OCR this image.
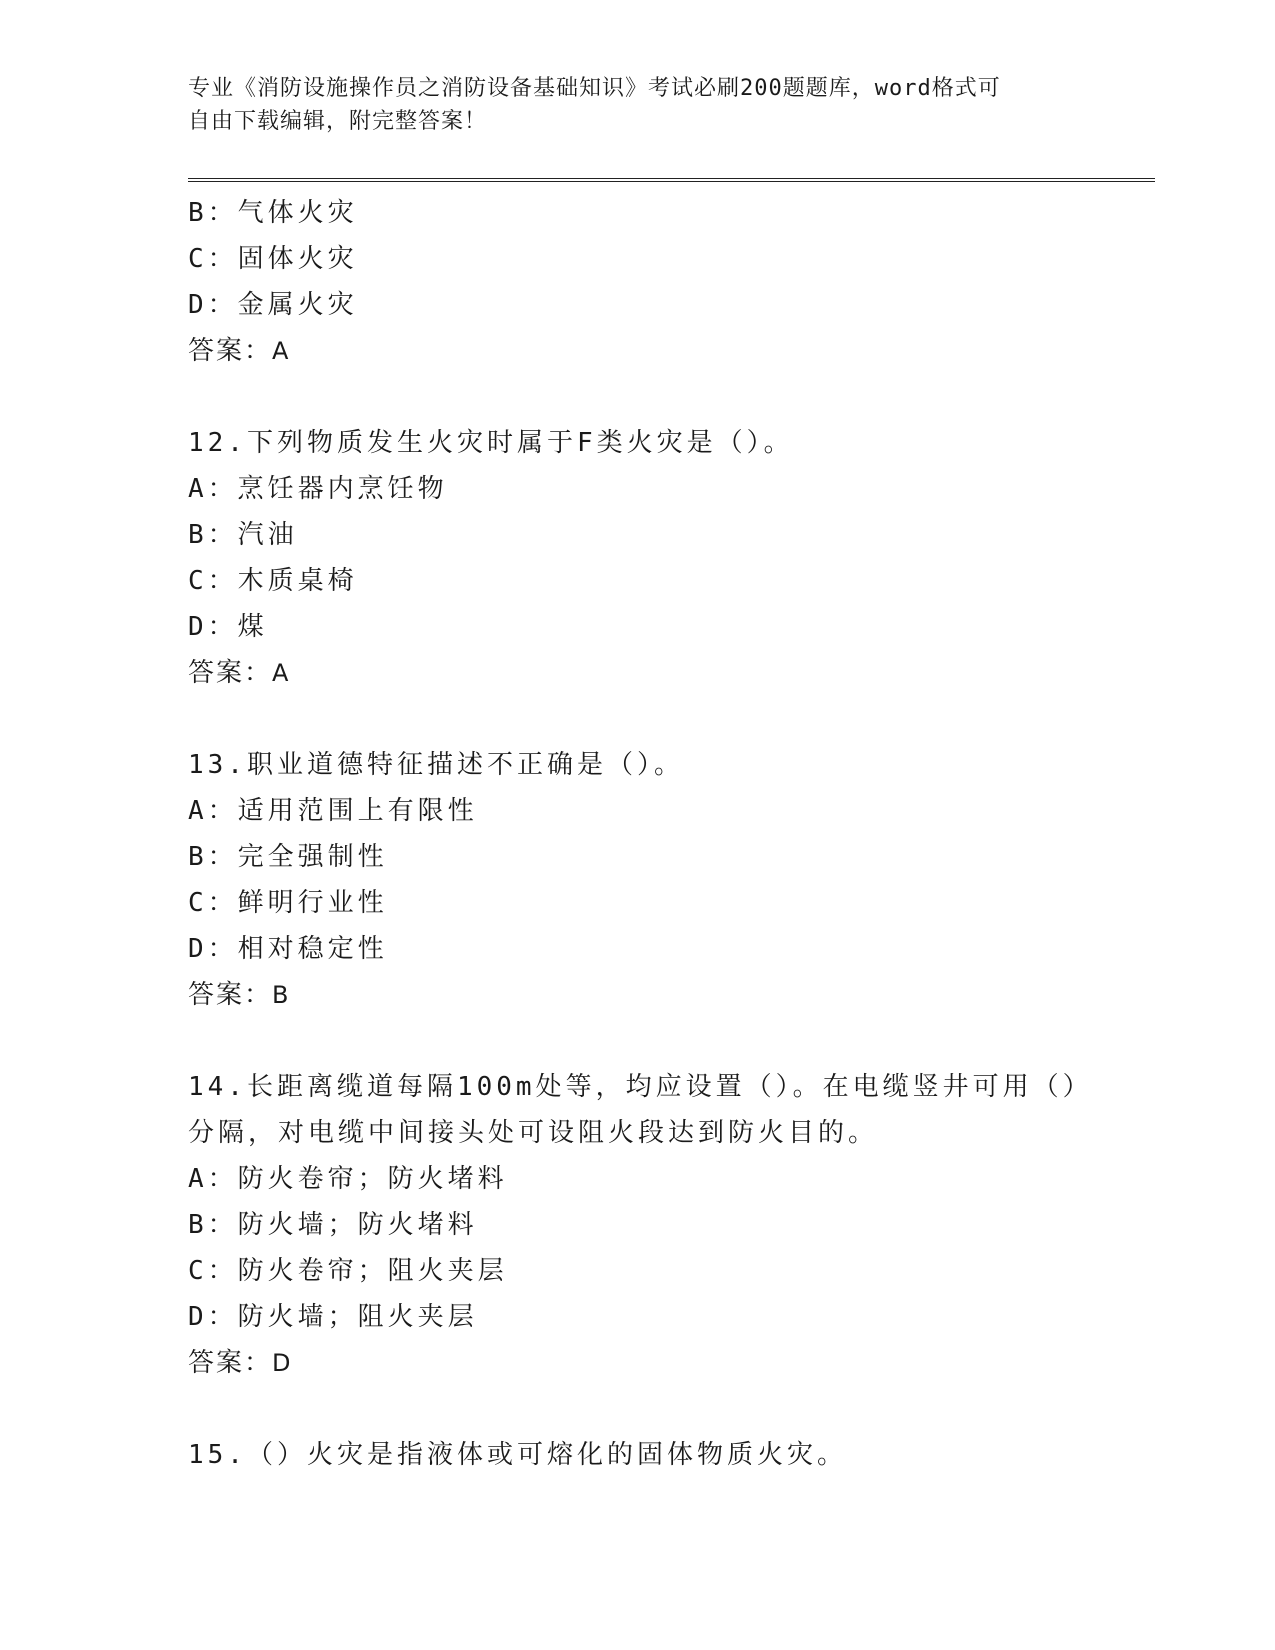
专业《消防设施操作员之消防设备基础知识》考试必刷200题题库，word格式可
自由下载编辑，附完整答案！
B：气体火灾
C：固体火灾
D：金属火灾
答案：A
12.下列物质发生火灾时属于F类火灾是（）。
A：烹饪器内烹饪物
B：汽油
C：木质桌椅
D：煤
答案：A
13.职业道德特征描述不正确是（）。
A：适用范围上有限性
B：完全强制性
C：鲜明行业性
D：相对稳定性
答案：B
14.长距离缆道每隔100m处等，均应设置（）。在电缆竖井可用（）
分隔，对电缆中间接头处可设阻火段达到防火目的。
A：防火卷帘；防火堵料
B：防火墙；防火堵料
C：防火卷帘；阻火夹层
D：防火墙；阻火夹层
答案：D
15.（）火灾是指液体或可熔化的固体物质火灾。
